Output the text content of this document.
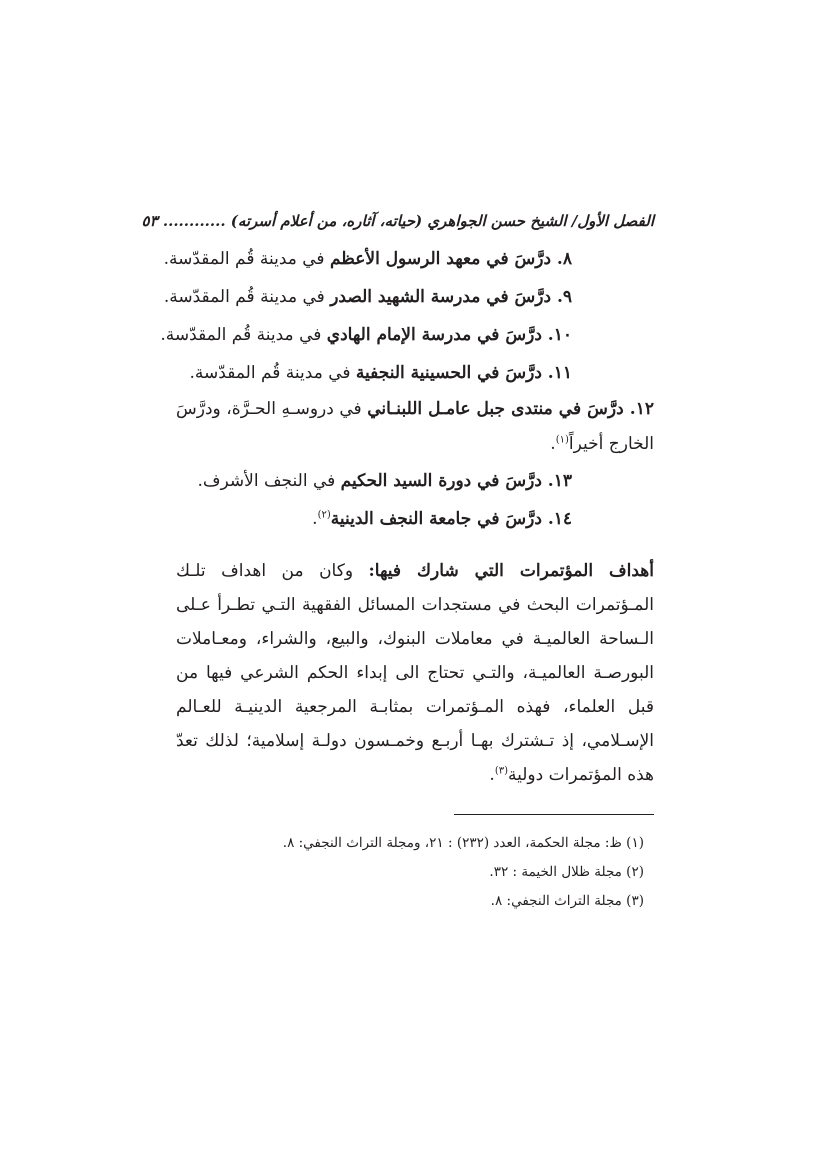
الفصل الأول/ الشيخ حسن الجواهري (حياته، آثاره، من أعلام أسرته) ............ ٥٣
٨. درَّسَ في معهد الرسول الأعظم في مدينة قُم المقدّسة.
٩. درَّسَ في مدرسة الشهيد الصدر في مدينة قُم المقدّسة.
١٠. درَّسَ في مدرسة الإمام الهادي في مدينة قُم المقدّسة.
١١. درَّسَ في الحسينية النجفية في مدينة قُم المقدّسة.
١٢. درَّسَ في منتدى جبل عامـل اللبنـاني في دروسـهِ الحـرَّة، ودرَّسَ الخارج أخيراً$^{(١)}$.
١٣. درَّسَ في دورة السيد الحكيم في النجف الأشرف.
١٤. درَّسَ في جامعة النجف الدينية$^{(٢)}$.

أهداف المؤتمرات التي شارك فيها: وكان من اهداف تلـك المـؤتمرات البحث في مستجدات المسائل الفقهية التـي تطـرأ عـلى الـساحة العالميـة في معاملات البنوك، والبيع، والشراء، ومعـاملات البورصـة العالميـة، والتـي تحتاج الى إبداء الحكم الشرعي فيها من قبل العلماء، فهذه المـؤتمرات بمثابـة المرجعية الدينيـة للعـالم الإسـلامي، إذ تـشترك بهـا أربـع وخمـسون دولـة إسلامية؛ لذلك تعدّ هذه المؤتمرات دولية$^{(٣)}$.

(١) ظ: مجلة الحكمة، العدد (٢٣٢) : ٢١، ومجلة التراث النجفي: ٨.
(٢) مجلة ظلال الخيمة : ٣٢.
(٣) مجلة التراث النجفي: ٨.
